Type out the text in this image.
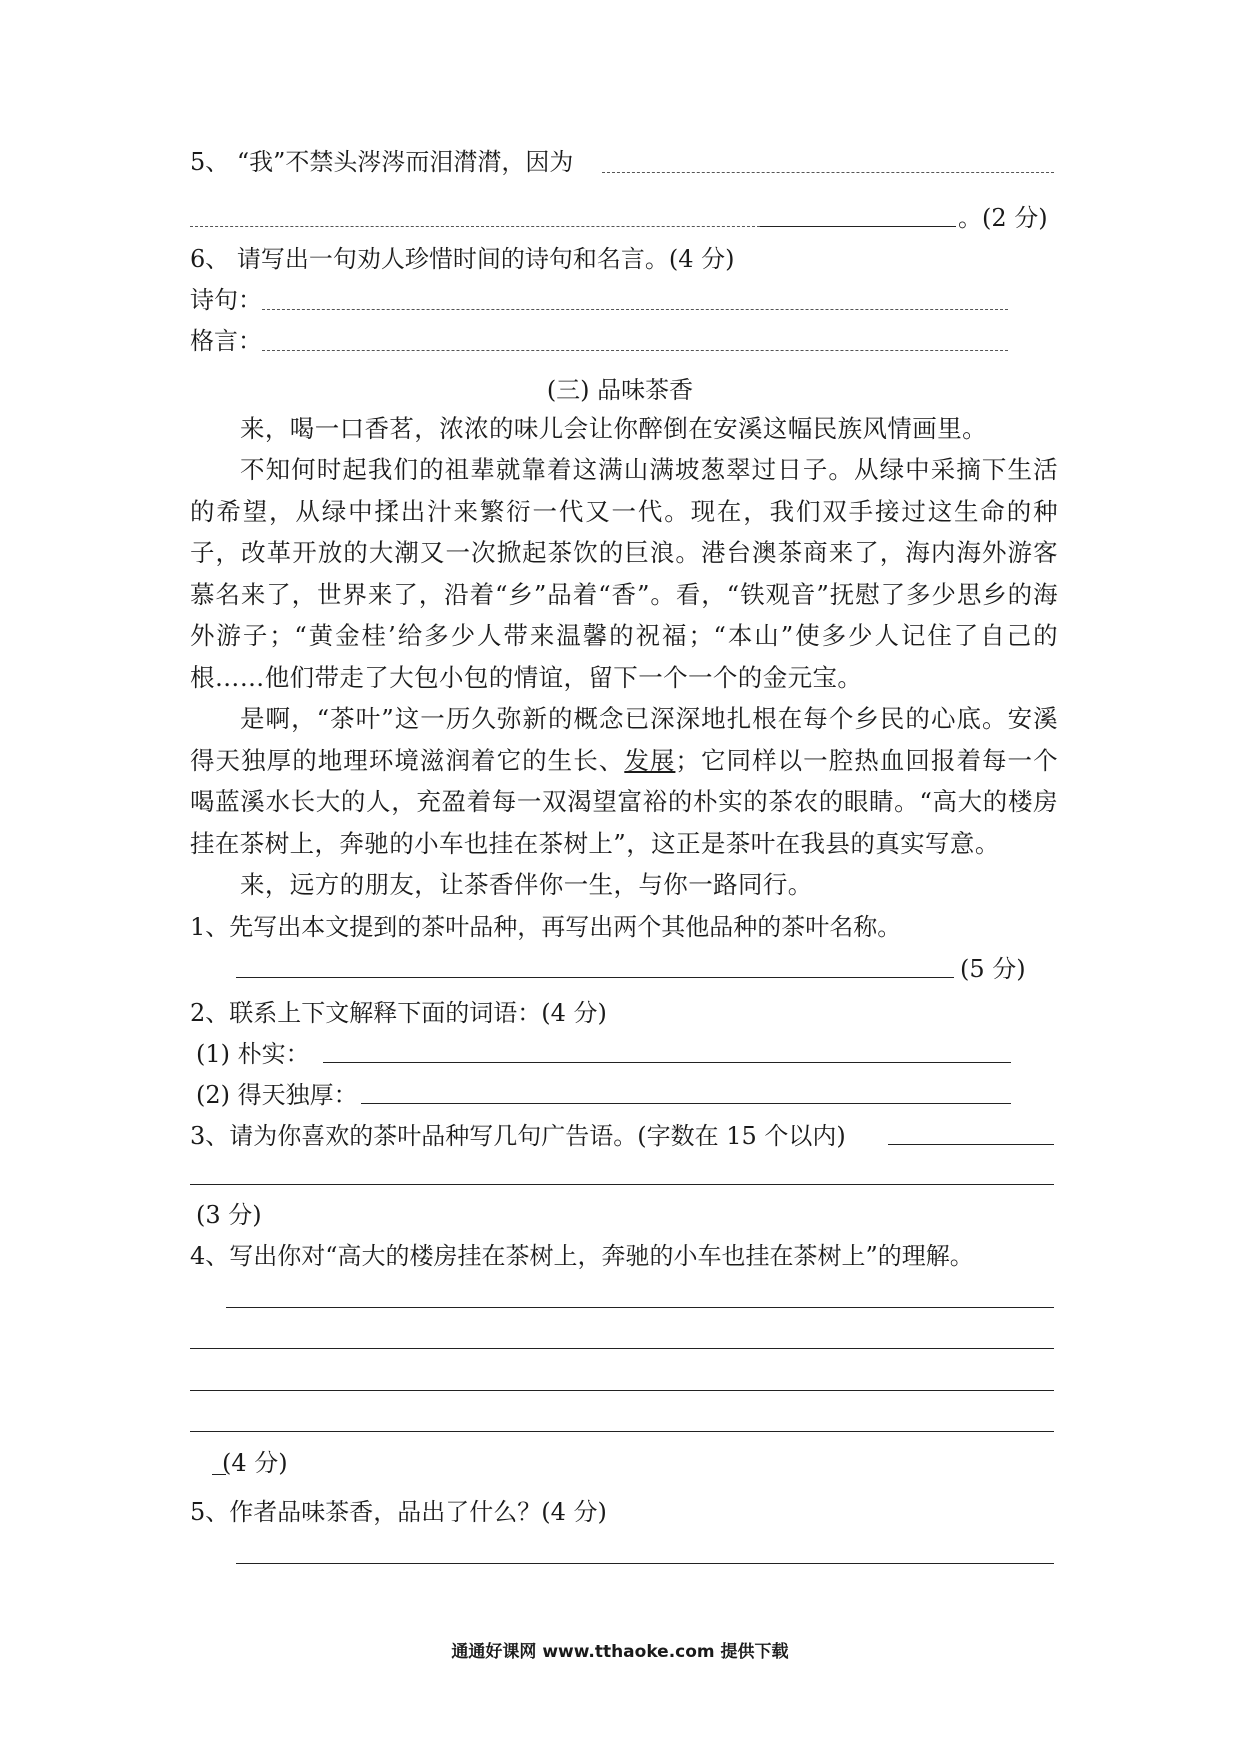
5、 “我”不禁头涔涔而泪潸潸，因为
。(2 分)
6、 请写出一句劝人珍惜时间的诗句和名言。(4 分)
诗句：
格言：
(三) 品味茶香
来，喝一口香茗，浓浓的味儿会让你醉倒在安溪这幅民族风情画里。
不知何时起我们的祖辈就靠着这满山满坡葱翠过日子。从绿中采摘下生活的希望，从绿中揉出汁来繁衍一代又一代。现在，我们双手接过这生命的种子，改革开放的大潮又一次掀起茶饮的巨浪。港台澳茶商来了，海内海外游客慕名来了，世界来了，沿着“乡”品着“香”。看，“铁观音”抚慰了多少思乡的海外游子；“黄金桂’给多少人带来温馨的祝福；“本山”使多少人记住了自己的根……他们带走了大包小包的情谊，留下一个一个的金元宝。
是啊，“茶叶”这一历久弥新的概念已深深地扎根在每个乡民的心底。安溪得天独厚的地理环境滋润着它的生长、发展；它同样以一腔热血回报着每一个喝蓝溪水长大的人，充盈着每一双渴望富裕的朴实的茶农的眼睛。“高大的楼房挂在茶树上，奔驰的小车也挂在茶树上”，这正是茶叶在我县的真实写意。
来，远方的朋友，让茶香伴你一生，与你一路同行。
1、先写出本文提到的茶叶品种，再写出两个其他品种的茶叶名称。
(5 分)
2、联系上下文解释下面的词语：(4 分)
(1) 朴实：
(2) 得天独厚：
3、请为你喜欢的茶叶品种写几句广告语。(字数在 15 个以内)
(3 分)
4、写出你对“高大的楼房挂在茶树上，奔驰的小车也挂在茶树上”的理解。
(4 分)
5、作者品味茶香，品出了什么？(4 分)
通通好课网 www.tthaoke.com 提供下载
